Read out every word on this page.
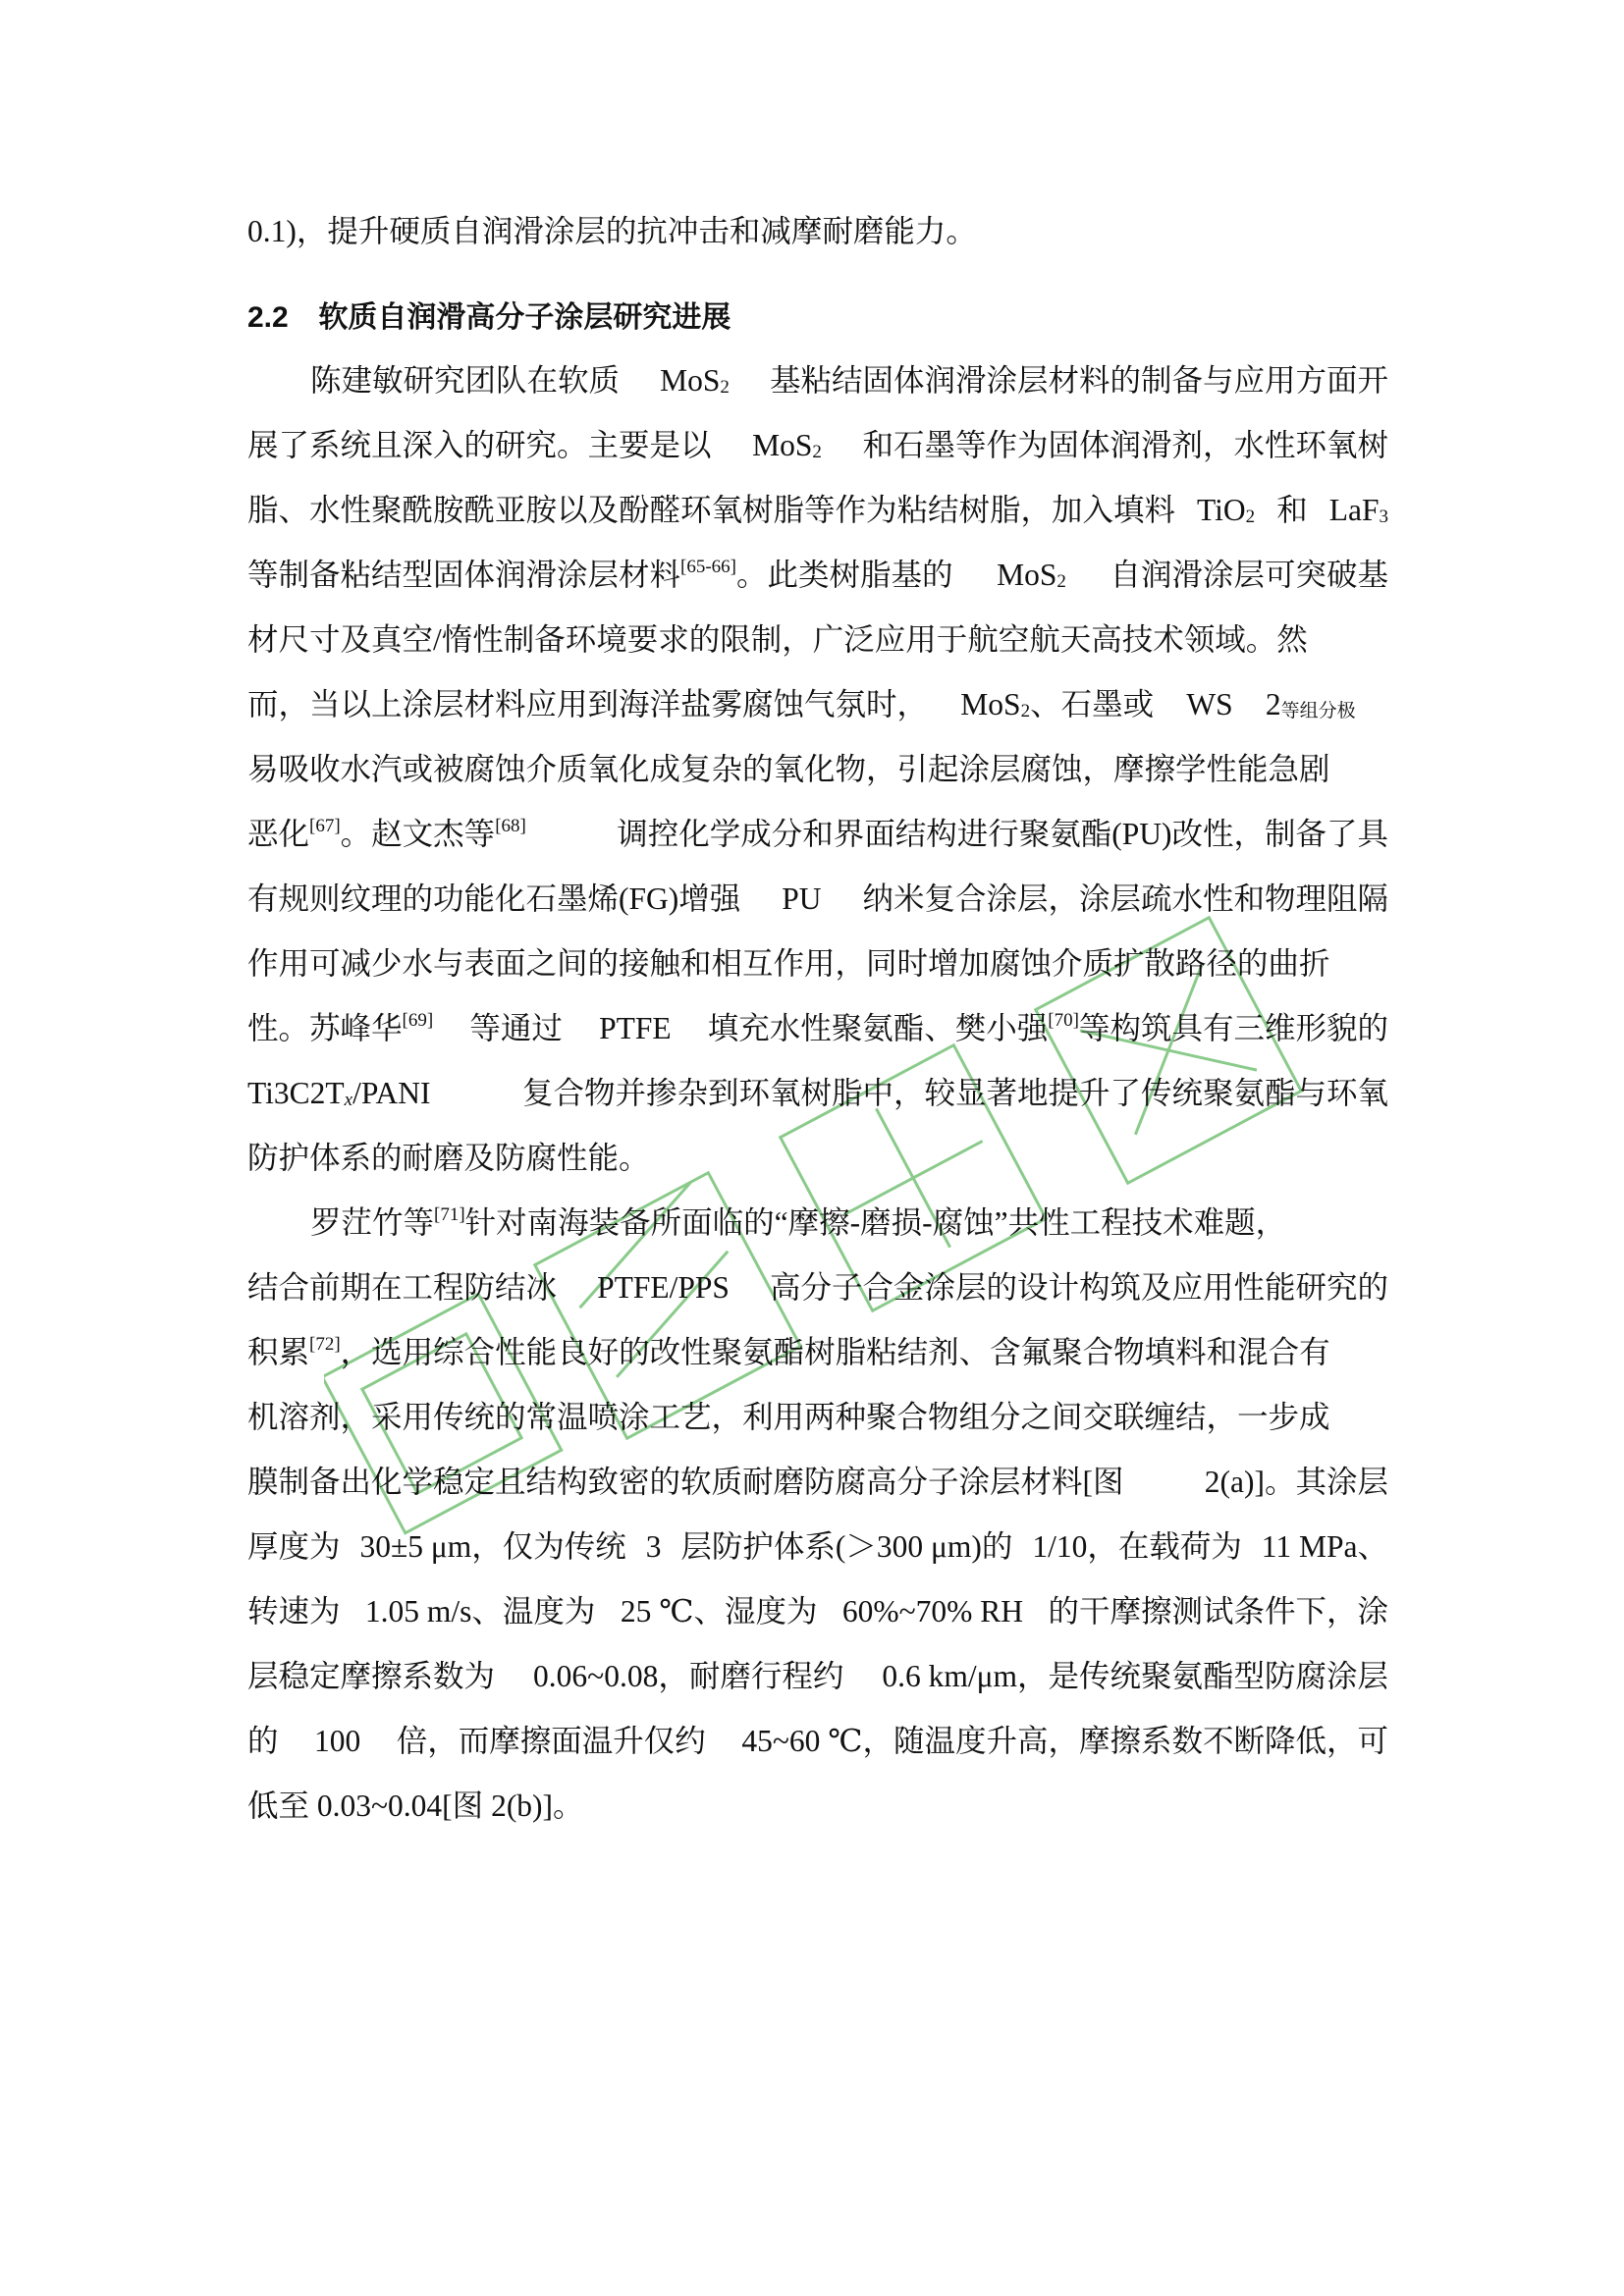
0.1)，提升硬质自润滑涂层的抗冲击和减摩耐磨能力。
2.2 软质自润滑高分子涂层研究进展
陈建敏研究团队在软质 MoS$_2$ 基粘结固体润滑涂层材料的制备与应用方面开
展了系统且深入的研究。主要是以 MoS$_2$ 和石墨等作为固体润滑剂，水性环氧树
脂、水性聚酰胺酰亚胺以及酚醛环氧树脂等作为粘结树脂，加入填料 TiO$_2$ 和 LaF$_3$
等制备粘结型固体润滑涂层材料[65-66]。此类树脂基的 MoS$_2$ 自润滑涂层可突破基
材尺寸及真空/惰性制备环境要求的限制，广泛应用于航空航天高技术领域。然
而，当以上涂层材料应用到海洋盐雾腐蚀气氛时， MoS$_2$、石墨或 WS $2_{等组分极}$
易吸收水汽或被腐蚀介质氧化成复杂的氧化物，引起涂层腐蚀，摩擦学性能急剧
恶化[67]。赵文杰等[68]	调控化学成分和界面结构进行聚氨酯(PU)改性，制备了具
有规则纹理的功能化石墨烯(FG)增强 PU 纳米复合涂层，涂层疏水性和物理阻隔
作用可减少水与表面之间的接触和相互作用，同时增加腐蚀介质扩散路径的曲折
性。苏峰华[69] 等通过 PTFE 填充水性聚氨酯、樊小强[70]等构筑具有三维形貌的
$Ti3C2T_x$/PANI	复合物并掺杂到环氧树脂中，较显著地提升了传统聚氨酯与环氧
防护体系的耐磨及防腐性能。
罗茳竹等[71]针对南海装备所面临的“摩擦-磨损-腐蚀”共性工程技术难题，
结合前期在工程防结冰 PTFE/PPS 高分子合金涂层的设计构筑及应用性能研究的
积累[72]，选用综合性能良好的改性聚氨酯树脂粘结剂、含氟聚合物填料和混合有
机溶剂，采用传统的常温喷涂工艺，利用两种聚合物组分之间交联缠结，一步成
膜制备出化学稳定且结构致密的软质耐磨防腐高分子涂层材料[图	2(a)]。其涂层
厚度为 30±5 μm，仅为传统 3 层防护体系(＞300 μm)的 1/10，在载荷为 11 MPa、
转速为 1.05 m/s、温度为 25 ℃、湿度为 60%~70% RH 的干摩擦测试条件下，涂
层稳定摩擦系数为 0.06~0.08，耐磨行程约 0.6 km/μm，是传统聚氨酯型防腐涂层
的 100 倍，而摩擦面温升仅约 45~60 ℃，随温度升高，摩擦系数不断降低，可
低至 0.03~0.04[图 2(b)]。
